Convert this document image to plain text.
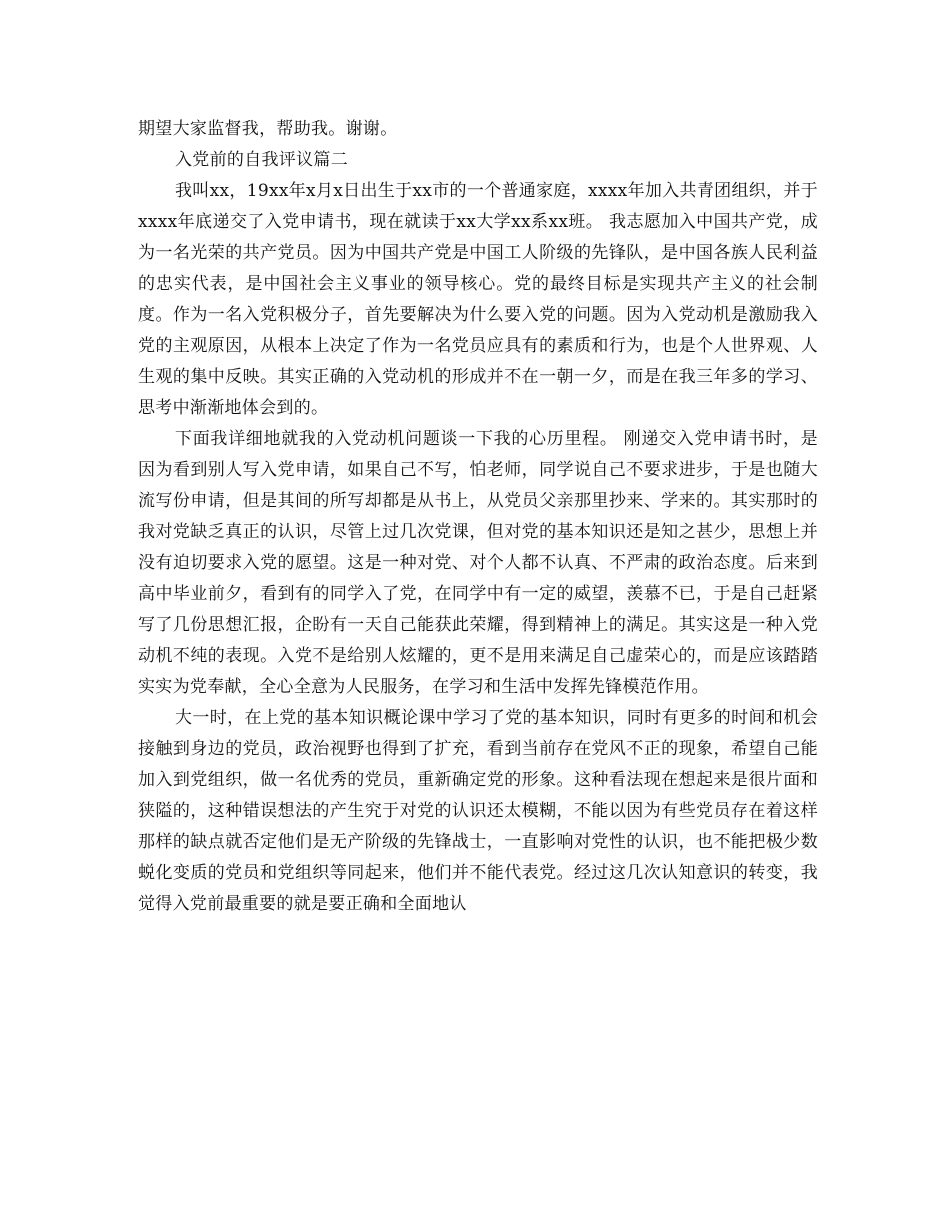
期望大家监督我，帮助我。谢谢。

入党前的自我评议篇二

我叫xx，19xx年x月x日出生于xx市的一个普通家庭，xxxx年加入共青团组织，并于xxxx年底递交了入党申请书，现在就读于xx大学xx系xx班。 我志愿加入中国共产党，成为一名光荣的共产党员。因为中国共产党是中国工人阶级的先锋队，是中国各族人民利益的忠实代表，是中国社会主义事业的领导核心。党的最终目标是实现共产主义的社会制度。作为一名入党积极分子，首先要解决为什么要入党的问题。因为入党动机是激励我入党的主观原因，从根本上决定了作为一名党员应具有的素质和行为，也是个人世界观、人生观的集中反映。其实正确的入党动机的形成并不在一朝一夕，而是在我三年多的学习、思考中渐渐地体会到的。

下面我详细地就我的入党动机问题谈一下我的心历里程。 刚递交入党申请书时，是因为看到别人写入党申请，如果自己不写，怕老师，同学说自己不要求进步，于是也随大流写份申请，但是其间的所写却都是从书上，从党员父亲那里抄来、学来的。其实那时的我对党缺乏真正的认识，尽管上过几次党课，但对党的基本知识还是知之甚少，思想上并没有迫切要求入党的愿望。这是一种对党、对个人都不认真、不严肃的政治态度。后来到高中毕业前夕，看到有的同学入了党，在同学中有一定的威望，羡慕不已，于是自己赶紧写了几份思想汇报，企盼有一天自己能获此荣耀，得到精神上的满足。其实这是一种入党动机不纯的表现。入党不是给别人炫耀的，更不是用来满足自己虚荣心的，而是应该踏踏实实为党奉献，全心全意为人民服务，在学习和生活中发挥先锋模范作用。

大一时，在上党的基本知识概论课中学习了党的基本知识，同时有更多的时间和机会接触到身边的党员，政治视野也得到了扩充，看到当前存在党风不正的现象，希望自己能加入到党组织，做一名优秀的党员，重新确定党的形象。这种看法现在想起来是很片面和狭隘的，这种错误想法的产生究于对党的认识还太模糊，不能以因为有些党员存在着这样那样的缺点就否定他们是无产阶级的先锋战士，一直影响对党性的认识，也不能把极少数蜕化变质的党员和党组织等同起来，他们并不能代表党。经过这几次认知意识的转变，我觉得入党前最重要的就是要正确和全面地认
